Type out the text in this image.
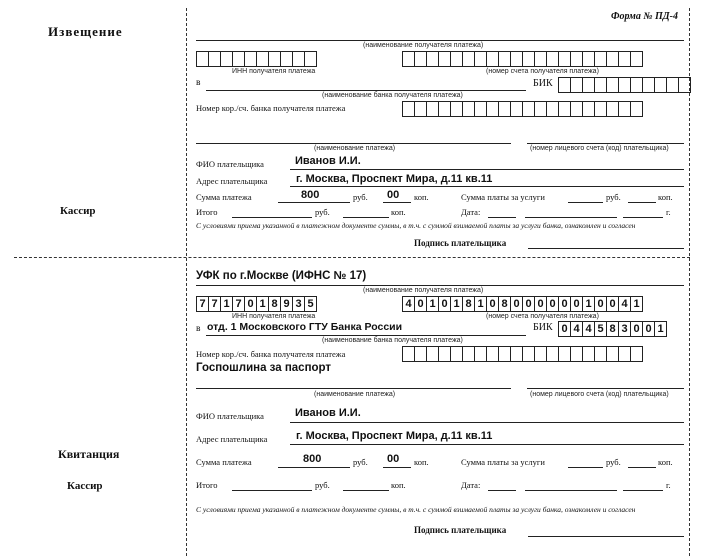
Извещение
Кассир
Квитанция
Кассир
Форма № ПД-4
(наименование получателя платежа)
ИНН получателя платежа	(номер счета получателя платежа)
в	БИК
(наименование банка получателя платежа)
Номер кор./сч. банка получателя платежа
(наименование платежа)	(номер лицевого счета (код) плательщика)
ФИО плательщика	Иванов И.И.
Адрес плательщика	г. Москва, Проспект Мира, д.11 кв.11
Сумма платежа	800	руб. 00 коп.	Сумма платы за услуги	руб.	коп.
Итого	руб.	коп.	Дата:	г.
С условиями приема указанной в платежном документе суммы, в т.ч. с суммой взимаемой платы за услуги банка, ознакомлен и согласен
Подпись плательщика
УФК по г.Москве (ИФНС № 17)
(наименование получателя платежа)
7 7 1 7 0 1 8 9 3 5	4 0 1 0 1 8 1 0 8 0 0 0 0 0 0 1 0 0 4 1
ИНН получателя платежа	(номер счета получателя платежа)
в отд. 1 Московского ГТУ Банка России	БИК 0 4 4 5 8 3 0 0 1
(наименование банка получателя платежа)
Номер кор./сч. банка получателя платежа
Госпошлина за паспорт
(наименование платежа)	(номер лицевого счета (код) плательщика)
ФИО плательщика	Иванов И.И.
Адрес плательщика	г. Москва, Проспект Мира, д.11 кв.11
Сумма платежа	800	руб. 00 коп.	Сумма платы за услуги	руб.	коп.
Итого	руб.	коп.	Дата:	г.
С условиями приема указанной в платежном документе суммы, в т.ч. с суммой взимаемой платы за услуги банка, ознакомлен и согласен
Подпись плательщика
